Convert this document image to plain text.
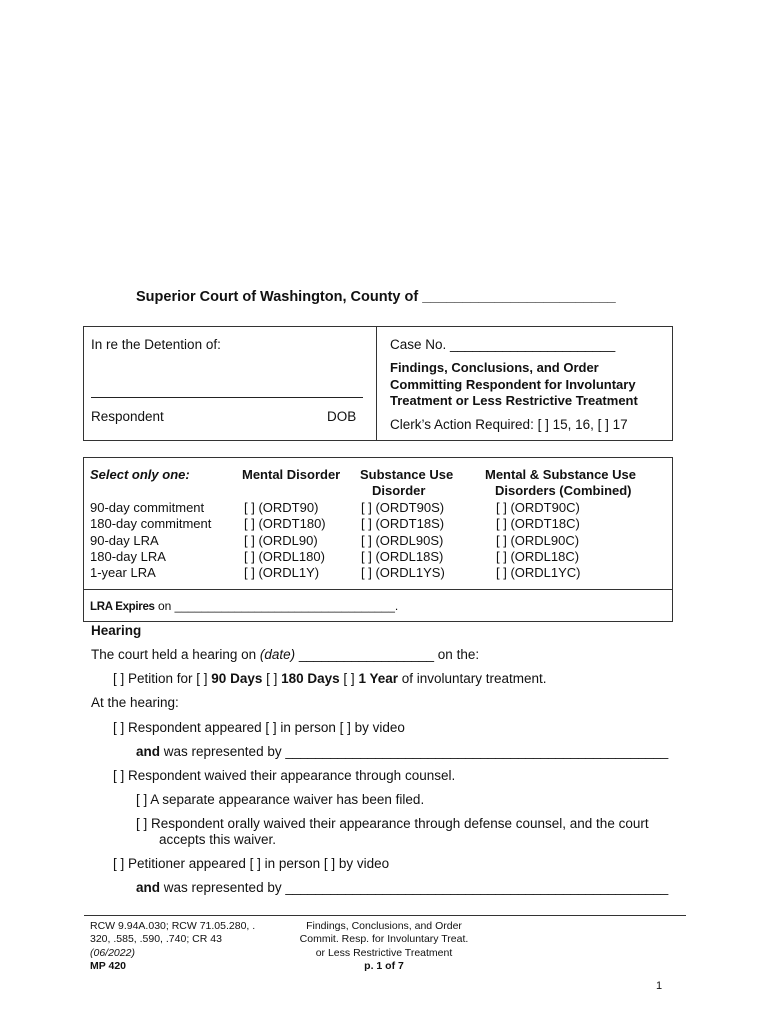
Superior Court of Washington, County of ________________________
In re the Detention of:
Respondent	DOB
Case No. ______________________
Findings, Conclusions, and Order
Committing Respondent for Involuntary
Treatment or Less Restrictive Treatment
Clerk’s Action Required: [ ] 15, 16, [ ] 17
Select only one:
90-day commitment
180-day commitment
90-day LRA
180-day LRA
1-year LRA
Mental Disorder
[ ] (ORDT90)
[ ] (ORDT180)
[ ] (ORDL90)
[ ] (ORDL180)
[ ] (ORDL1Y)
Substance Use
Disorder
[ ] (ORDT90S)
[ ] (ORDT18S)
[ ] (ORDL90S)
[ ] (ORDL18S)
[ ] (ORDL1YS)
Mental & Substance Use
Disorders (Combined)
[ ] (ORDT90C)
[ ] (ORDT18C)
[ ] (ORDL90C)
[ ] (ORDL18C)
[ ] (ORDL1YC)
LRA Expires on _________________________________.
Hearing
The court held a hearing on (date) __________________ on the:
[ ] Petition for [ ] 90 Days [ ] 180 Days [ ] 1 Year of involuntary treatment.
At the hearing:
[ ] Respondent appeared [ ] in person [ ] by video
and was represented by ___________________________________________________
[ ] Respondent waived their appearance through counsel.
[ ] A separate appearance waiver has been filed.
[ ] Respondent orally waived their appearance through defense counsel, and the court
accepts this waiver.
[ ] Petitioner appeared [ ] in person [ ] by video
and was represented by ___________________________________________________
RCW 9.94A.030; RCW 71.05.280, .
320, .585, .590, .740; CR 43
(06/2022)
MP 420
Findings, Conclusions, and Order
Commit. Resp. for Involuntary Treat.
or Less Restrictive Treatment
p. 1 of 7
1
